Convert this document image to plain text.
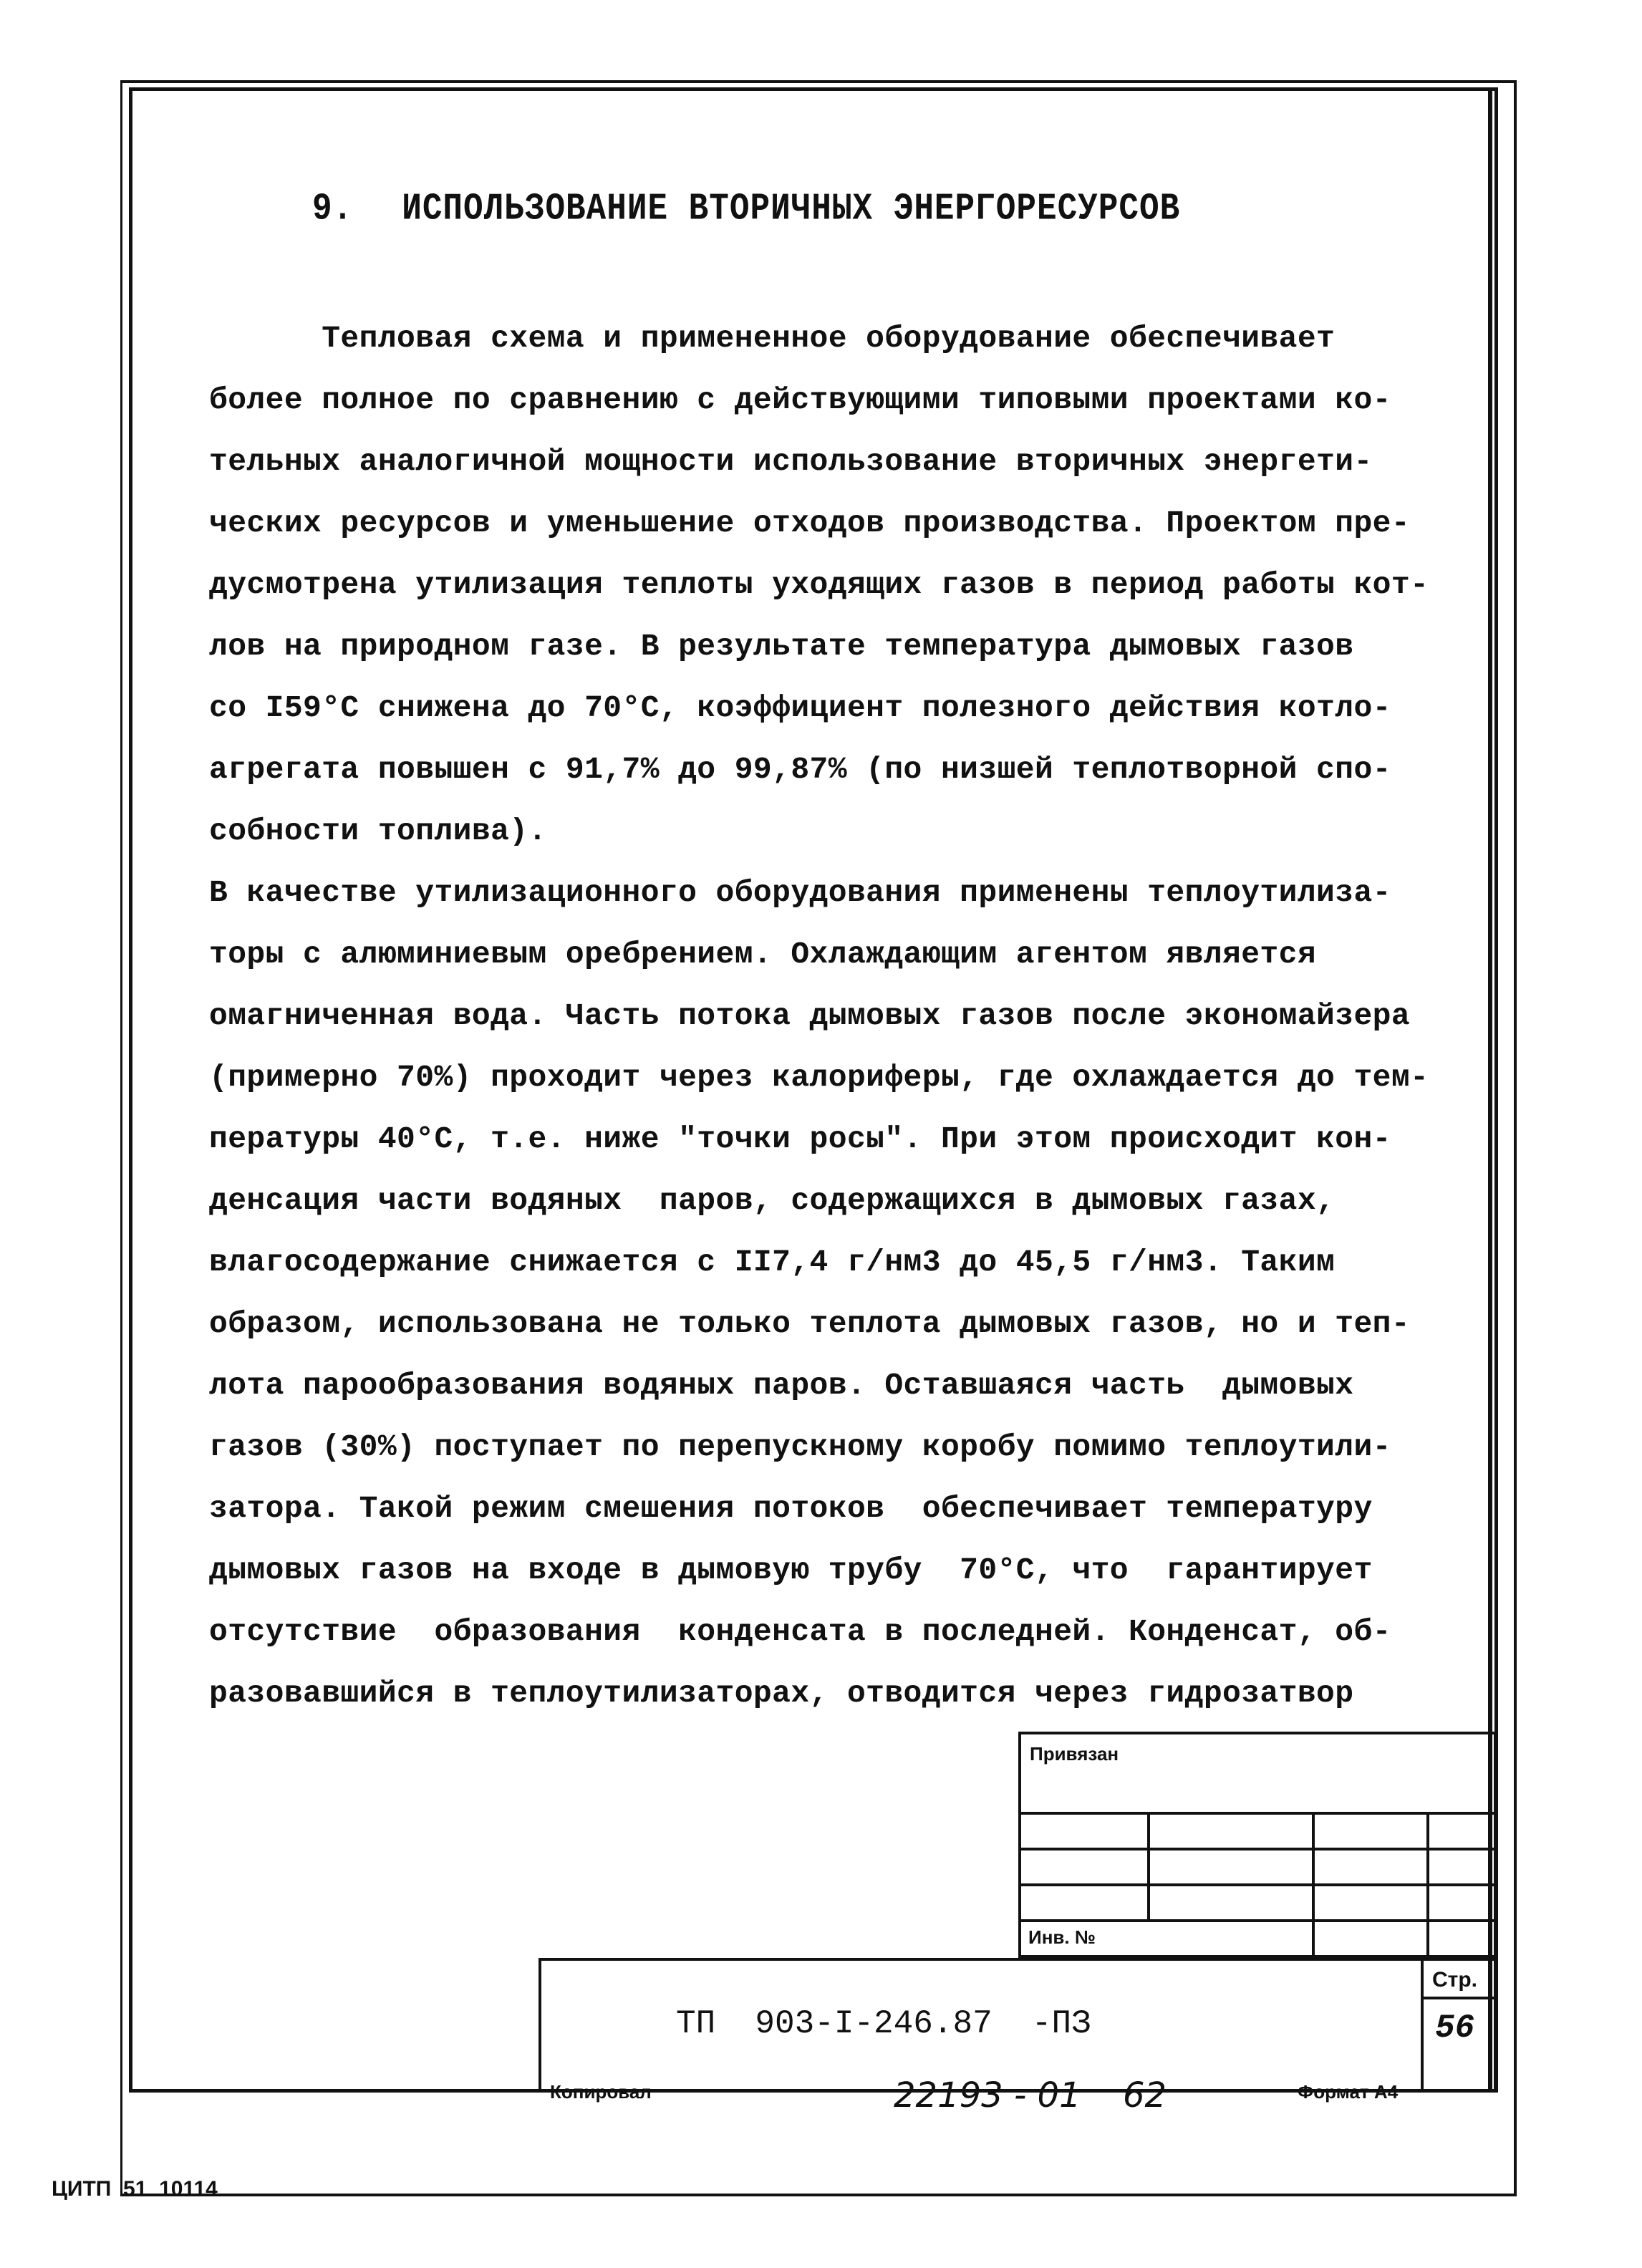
9. ИСПОЛЬЗОВАНИЕ ВТОРИЧНЫХ ЭНЕРГОРЕСУРСОВ
Тепловая схема и примененное оборудование обеспечивает
более полное по сравнению с действующими типовыми проектами ко-
тельных аналогичной мощности использование вторичных энергети-
ческих ресурсов и уменьшение отходов производства. Проектом пре-
дусмотрена утилизация теплоты уходящих газов в период работы кот-
лов на природном газе. В результате температура дымовых газов
со I59°С снижена до 70°С, коэффициент полезного действия котло-
агрегата повышен с 91,7% до 99,87% (по низшей теплотворной спо-
собности топлива).
В качестве утилизационного оборудования применены теплоутилиза-
торы с алюминиевым оребрением. Охлаждающим агентом является
омагниченная вода. Часть потока дымовых газов после экономайзера
(примерно 70%) проходит через калориферы, где охлаждается до тем-
пературы 40°С, т.е. ниже "точки росы". При этом происходит кон-
денсация части водяных  паров, содержащихся в дымовых газах,
влагосодержание снижается с II7,4 г/нм3 до 45,5 г/нм3. Таким
образом, использована не только теплота дымовых газов, но и теп-
лота парообразования водяных паров. Оставшаяся часть  дымовых
газов (30%) поступает по перепускному коробу помимо теплоутили-
затора. Такой режим смешения потоков  обеспечивает температуру
дымовых газов на входе в дымовую трубу  70°С, что  гарантирует
отсутствие  образования  конденсата в последней. Конденсат, об-
разовавшийся в теплоутилизаторах, отводится через гидрозатвор
Привязан
Инв. №
Стр.
56
ТП  903-I-246.87  -ПЗ
Копировал	22193 - 01 62	Формат А4
ЦИТП  51  10114
